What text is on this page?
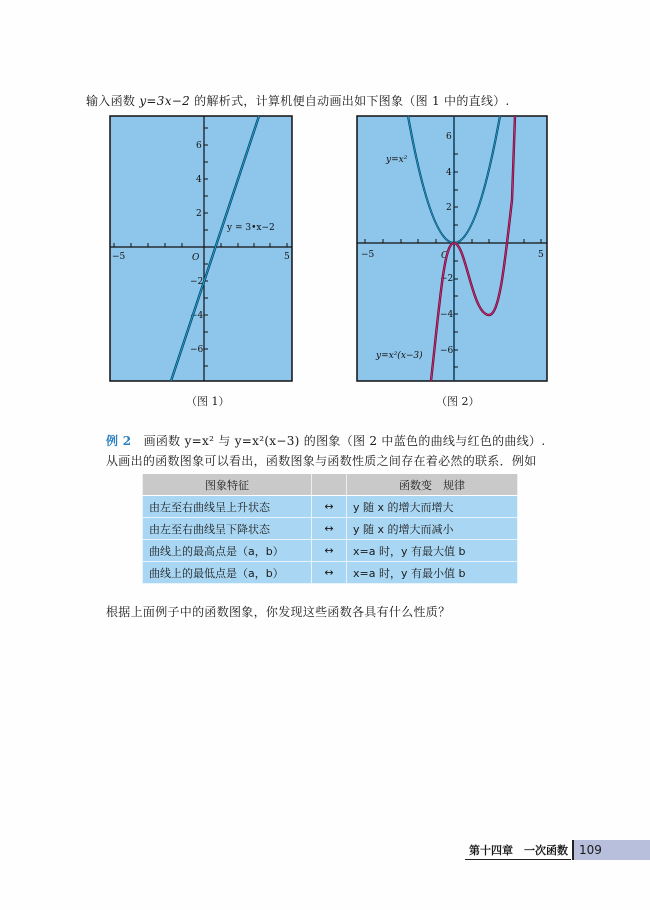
输入函数 y=3x−2 的解析式，计算机便自动画出如下图象（图 1 中的直线）.
−5	5
O
6
4
2
−2
−4
−6
y = 3•x−2
−5	5
O
6
4
2
−2
−4
−6
y=x²
y=x²(x−3)
（图 1）	（图 2）
例 2 画函数 y=x² 与 y=x²(x−3) 的图象（图 2 中蓝色的曲线与红色的曲线）.
从画出的函数图象可以看出，函数图象与函数性质之间存在着必然的联系．例如
图象特征		函数变　规律
由左至右曲线呈上升状态	↔	y 随 x 的增大而增大
由左至右曲线呈下降状态	↔	y 随 x 的增大而减小
曲线上的最高点是（a，b）	↔	x=a 时，y 有最大值 b
曲线上的最低点是（a，b）	↔	x=a 时，y 有最小值 b
根据上面例子中的函数图象，你发现这些函数各具有什么性质？
第十四章　一次函数 109
